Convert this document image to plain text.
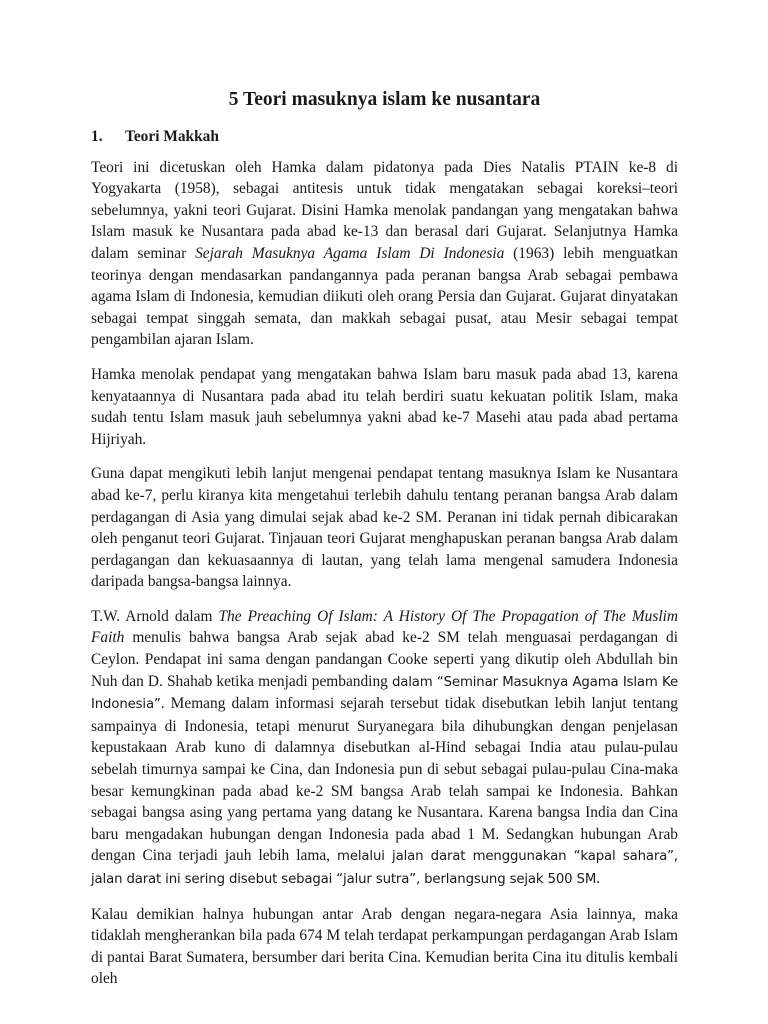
5 Teori masuknya islam ke nusantara
1.	Teori Makkah

Teori ini dicetuskan oleh Hamka dalam pidatonya pada Dies Natalis PTAIN ke-8 di Yogyakarta (1958), sebagai antitesis untuk tidak mengatakan sebagai koreksi–teori sebelumnya, yakni teori Gujarat. Disini Hamka menolak pandangan yang mengatakan bahwa Islam masuk ke Nusantara pada abad ke-13 dan berasal dari Gujarat. Selanjutnya Hamka dalam seminar Sejarah Masuknya Agama Islam Di Indonesia (1963) lebih menguatkan teorinya dengan mendasarkan pandangannya pada peranan bangsa Arab sebagai pembawa agama Islam di Indonesia, kemudian diikuti oleh orang Persia dan Gujarat. Gujarat dinyatakan sebagai tempat singgah semata, dan makkah sebagai pusat, atau Mesir sebagai tempat pengambilan ajaran Islam.

Hamka menolak pendapat yang mengatakan bahwa Islam baru masuk pada abad 13, karena kenyataannya di Nusantara pada abad itu telah berdiri suatu kekuatan politik Islam, maka sudah tentu Islam masuk jauh sebelumnya yakni abad ke-7 Masehi atau pada abad pertama Hijriyah.

Guna dapat mengikuti lebih lanjut mengenai pendapat tentang masuknya Islam ke Nusantara abad ke-7, perlu kiranya kita mengetahui terlebih dahulu tentang peranan bangsa Arab dalam perdagangan di Asia yang dimulai sejak abad ke-2 SM. Peranan ini tidak pernah dibicarakan oleh penganut teori Gujarat. Tinjauan teori Gujarat menghapuskan peranan bangsa Arab dalam perdagangan dan kekuasaannya di lautan, yang telah lama mengenal samudera Indonesia daripada bangsa-bangsa lainnya.

T.W. Arnold dalam The Preaching Of Islam: A History Of The Propagation of The Muslim Faith menulis bahwa bangsa Arab sejak abad ke-2 SM telah menguasai perdagangan di Ceylon. Pendapat ini sama dengan pandangan Cooke seperti yang dikutip oleh Abdullah bin Nuh dan D. Shahab ketika menjadi pembanding dalam “Seminar Masuknya Agama Islam Ke Indonesia”. Memang dalam informasi sejarah tersebut tidak disebutkan lebih lanjut tentang sampainya di Indonesia, tetapi menurut Suryanegara bila dihubungkan dengan penjelasan kepustakaan Arab kuno di dalamnya disebutkan al-Hind sebagai India atau pulau-pulau sebelah timurnya sampai ke Cina, dan Indonesia pun di sebut sebagai pulau-pulau Cina-maka besar kemungkinan pada abad ke-2 SM bangsa Arab telah sampai ke Indonesia. Bahkan sebagai bangsa asing yang pertama yang datang ke Nusantara. Karena bangsa India dan Cina baru mengadakan hubungan dengan Indonesia pada abad 1 M. Sedangkan hubungan Arab dengan Cina terjadi jauh lebih lama, melalui jalan darat menggunakan “kapal sahara”, jalan darat ini sering disebut sebagai “jalur sutra”, berlangsung sejak 500 SM.

Kalau demikian halnya hubungan antar Arab dengan negara-negara Asia lainnya, maka tidaklah mengherankan bila pada 674 M telah terdapat perkampungan perdagangan Arab Islam di pantai Barat Sumatera, bersumber dari berita Cina. Kemudian berita Cina itu ditulis kembali oleh
